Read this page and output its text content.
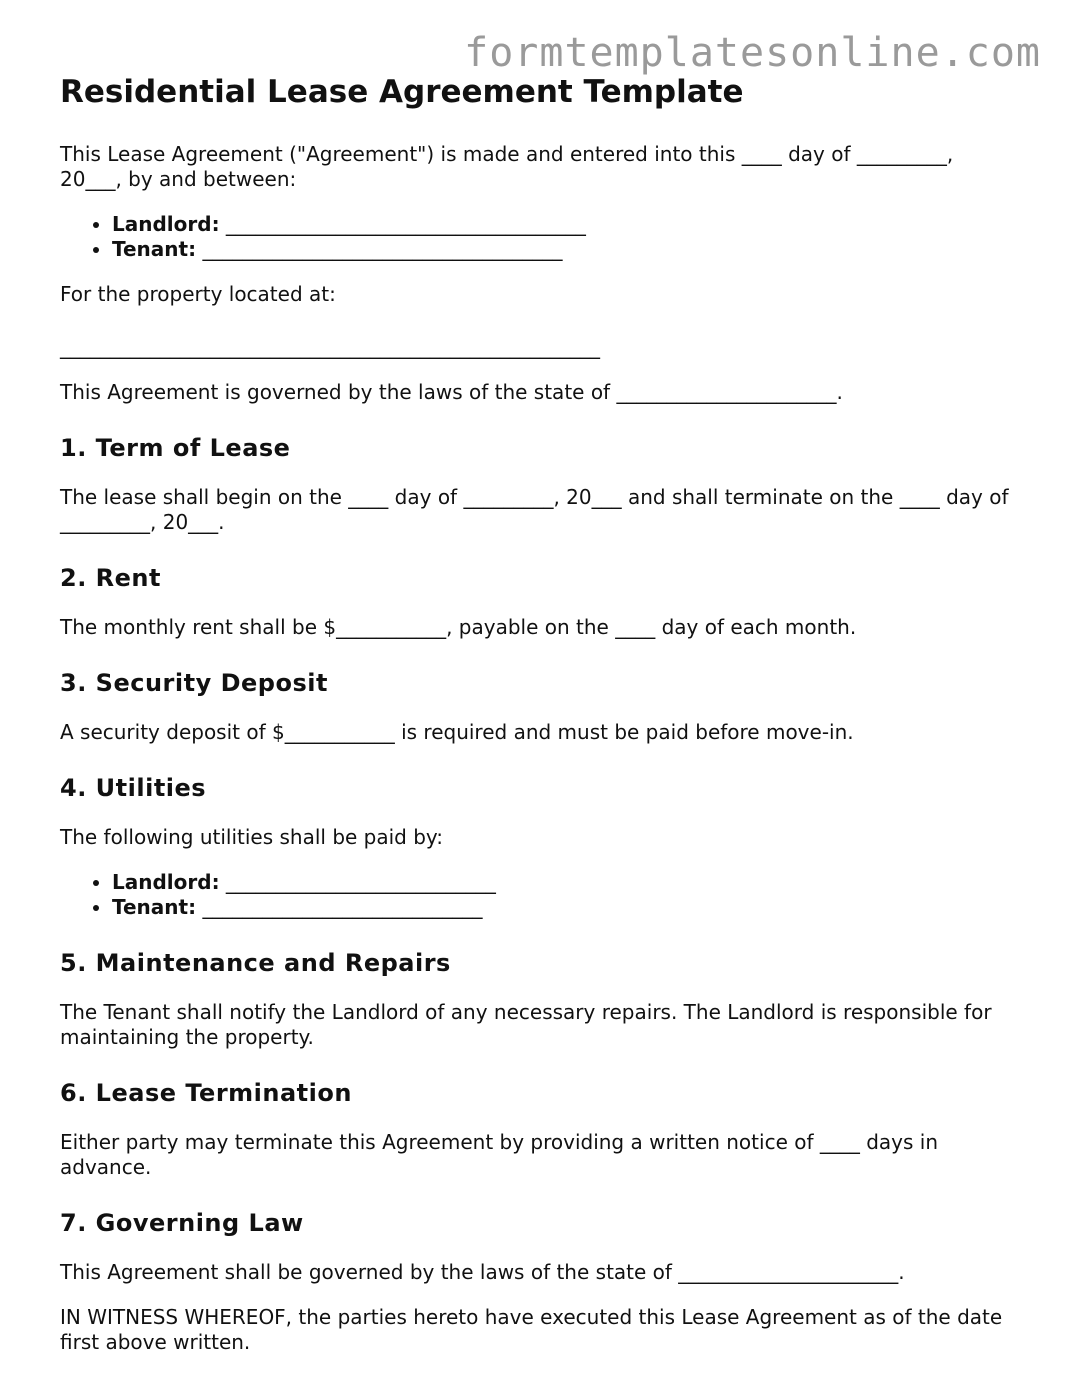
formtemplatesonline.com
Residential Lease Agreement Template

This Lease Agreement ("Agreement") is made and entered into this ____ day of _________, 20___, by and between:

• Landlord: ____________________________________
• Tenant: ____________________________________

For the property located at:

______________________________________________________

This Agreement is governed by the laws of the state of ______________________.

1. Term of Lease

The lease shall begin on the ____ day of _________, 20___ and shall terminate on the ____ day of _________, 20___.

2. Rent

The monthly rent shall be $___________, payable on the ____ day of each month.

3. Security Deposit

A security deposit of $___________ is required and must be paid before move-in.

4. Utilities

The following utilities shall be paid by:

• Landlord: ___________________________
• Tenant: ____________________________
5. Maintenance and Repairs

The Tenant shall notify the Landlord of any necessary repairs. The Landlord is responsible for maintaining the property.

6. Lease Termination

Either party may terminate this Agreement by providing a written notice of ____ days in advance.

7. Governing Law

This Agreement shall be governed by the laws of the state of ______________________.

IN WITNESS WHEREOF, the parties hereto have executed this Lease Agreement as of the date first above written.
